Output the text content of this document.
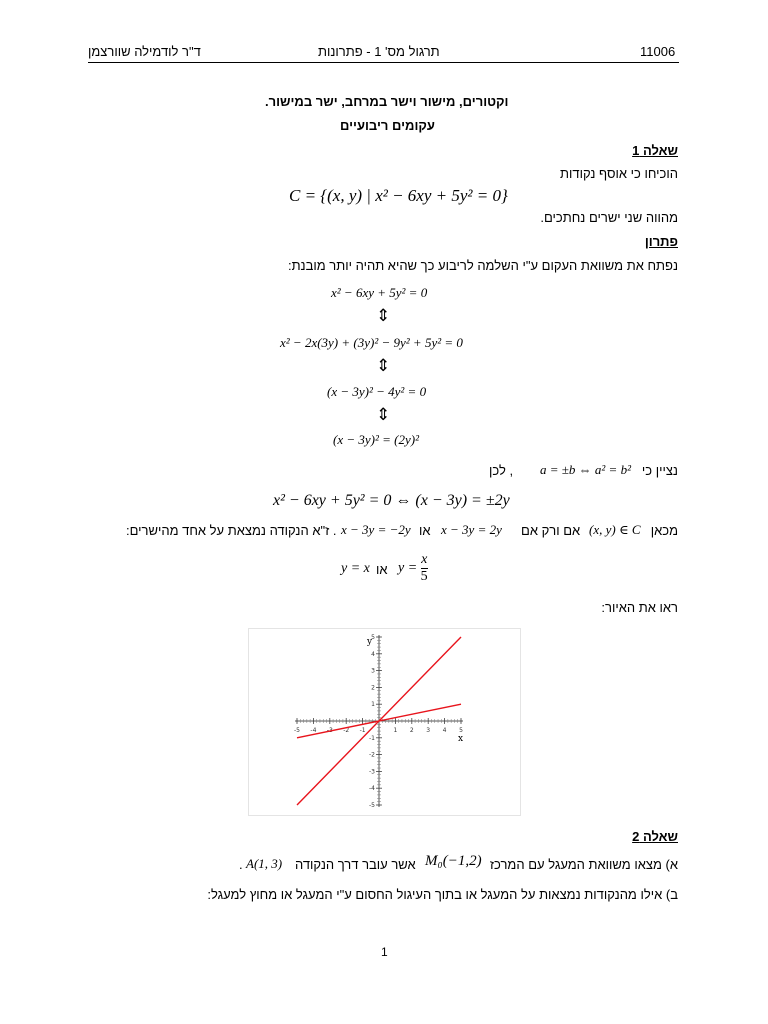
11006
תרגול מס' 1 - פתרונות
ד"ר לודמילה שוורצמן
וקטורים, מישור וישר במרחב, ישר במישור.
עקומים ריבועיים
שאלה 1
הוכיחו כי אוסף נקודות
C = {(x, y) | x² − 6xy + 5y² = 0}
מהווה שני ישרים נחתכים.
פתרון
נפתח את משוואת העקום ע"י השלמה לריבוע כך שהיא תהיה יותר מובנת:
x² − 6xy + 5y² = 0
⇕
x² − 2x(3y) + (3y)² − 9y² + 5y² = 0
⇕
(x − 3y)² − 4y² = 0
⇕
(x − 3y)² = (2y)²
נציין כי
a = ±b ⇔ a² = b²
, לכן
x² − 6xy + 5y² = 0 ⇔ (x − 3y) = ±2y
מכאן
(x, y) ∈ C
אם ורק אם
x − 3y = 2y
או
x − 3y = −2y
. ז"א הנקודה נמצאת על אחד מהישרים:
y = x או $y = \frac{x}{5}$
ראו את האיור:
-5 -4 -3 -2 -1	1 2 3 4 5
-5
-4
-3
-2
-1
1
2
3
4
5
x
y
שאלה 2
א) מצאו משוואת המעגל עם המרכז
M₀(−1,2)
אשר עובר דרך הנקודה
A(1, 3)
.
ב) אילו מהנקודות נמצאות על המעגל או בתוך העיגול החסום ע"י המעגל או מחוץ למעגל:
1
